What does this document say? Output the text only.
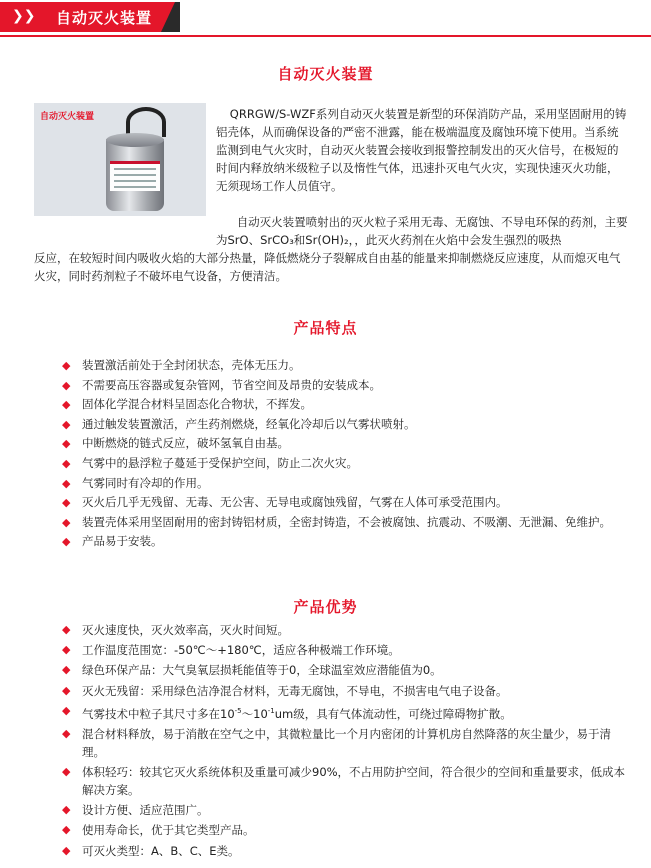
❯❯ 自动灭火装置
自动灭火装置
自动灭火装置	QRRGW/S-WZF系列自动灭火装置是新型的环保消防产品，采用坚固耐用的铸铝壳体，从而确保设备的严密不泄露，能在极端温度及腐蚀环境下使用。当系统监测到电气火灾时，自动灭火装置会接收到报警控制发出的灭火信号，在极短的时间内释放纳米级粒子以及惰性气体，迅速扑灭电气火灾，实现快速灭火功能，无须现场工作人员值守。

自动灭火装置喷射出的灭火粒子采用无毒、无腐蚀、不导电环保的药剂，主要为SrO、SrCO₃和Sr(OH)₂，，此灭火药剂在火焰中会发生强烈的吸热

反应，在较短时间内吸收火焰的大部分热量，降低燃烧分子裂解成自由基的能量来抑制燃烧反应速度，从而熄灭电气火灾，同时药剂粒子不破坏电气设备，方便清洁。

产品特点
◆ 装置激活前处于全封闭状态，壳体无压力。
◆ 不需要高压容器或复杂管网，节省空间及昂贵的安装成本。
◆ 固体化学混合材料呈固态化合物状，不挥发。
◆ 通过触发装置激活，产生药剂燃烧，经氧化冷却后以气雾状喷射。
◆ 中断燃烧的链式反应，破坏氢氧自由基。
◆ 气雾中的悬浮粒子蔓延于受保护空间，防止二次火灾。
◆ 气雾同时有冷却的作用。
◆ 灭火后几乎无残留、无毒、无公害、无导电或腐蚀残留，气雾在人体可承受范围内。
◆ 装置壳体采用坚固耐用的密封铸铝材质，全密封铸造，不会被腐蚀、抗震动、不吸潮、无泄漏、免维护。
◆ 产品易于安装。
产品优势
◆ 灭火速度快，灭火效率高，灭火时间短。
◆ 工作温度范围宽：-50℃～+180℃，适应各种极端工作环境。
◆ 绿色环保产品：大气臭氧层损耗能值等于0，全球温室效应潜能值为0。
◆ 灭火无残留：采用绿色洁净混合材料，无毒无腐蚀，不导电，不损害电气电子设备。
◆ 气雾技术中粒子其尺寸多在$10^{-5}\sim 10^{-1}um$级，具有气体流动性，可绕过障碍物扩散。
◆ 混合材料释放，易于消散在空气之中，其微粒量比一个月内密闭的计算机房自然降落的灰尘量少，易于清理。
◆ 体积轻巧：较其它灭火系统体积及重量可减少90%，不占用防护空间，符合很少的空间和重量要求，低成本解决方案。
◆ 设计方便、适应范围广。
◆ 使用寿命长，优于其它类型产品。
◆ 可灭火类型：A、B、C、E类。
